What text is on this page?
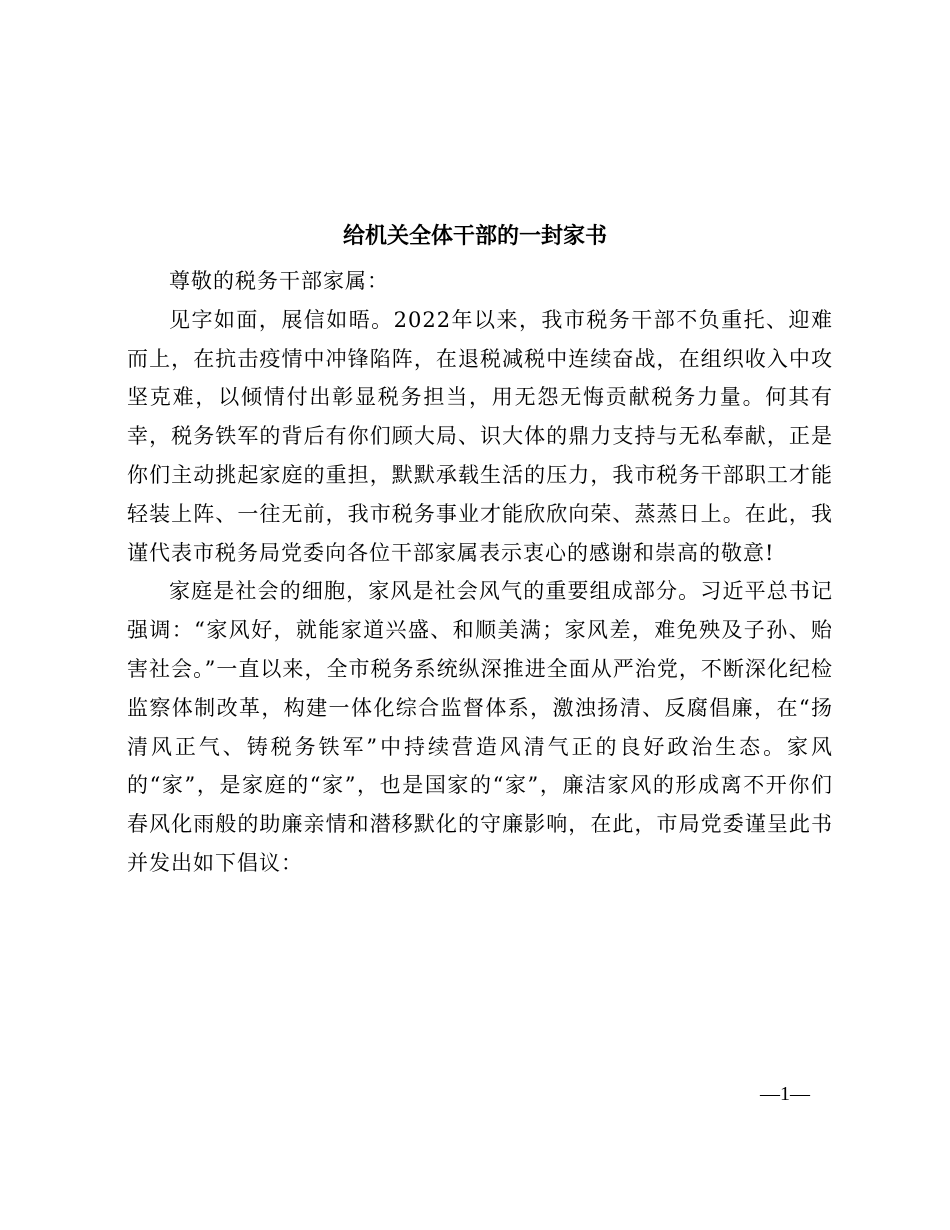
给机关全体干部的一封家书

尊敬的税务干部家属：

见字如面，展信如晤。2022年以来，我市税务干部不负重托、迎难而上，在抗击疫情中冲锋陷阵，在退税减税中连续奋战，在组织收入中攻坚克难，以倾情付出彰显税务担当，用无怨无悔贡献税务力量。何其有幸，税务铁军的背后有你们顾大局、识大体的鼎力支持与无私奉献，正是你们主动挑起家庭的重担，默默承载生活的压力，我市税务干部职工才能轻装上阵、一往无前，我市税务事业才能欣欣向荣、蒸蒸日上。在此，我谨代表市税务局党委向各位干部家属表示衷心的感谢和崇高的敬意!

家庭是社会的细胞，家风是社会风气的重要组成部分。习近平总书记强调：“家风好，就能家道兴盛、和顺美满；家风差，难免殃及子孙、贻害社会。”一直以来，全市税务系统纵深推进全面从严治党，不断深化纪检监察体制改革，构建一体化综合监督体系，激浊扬清、反腐倡廉，在“扬清风正气、铸税务铁军”中持续营造风清气正的良好政治生态。家风的“家”，是家庭的“家”，也是国家的“家”，廉洁家风的形成离不开你们春风化雨般的助廉亲情和潜移默化的守廉影响，在此，市局党委谨呈此书并发出如下倡议：

—1—
